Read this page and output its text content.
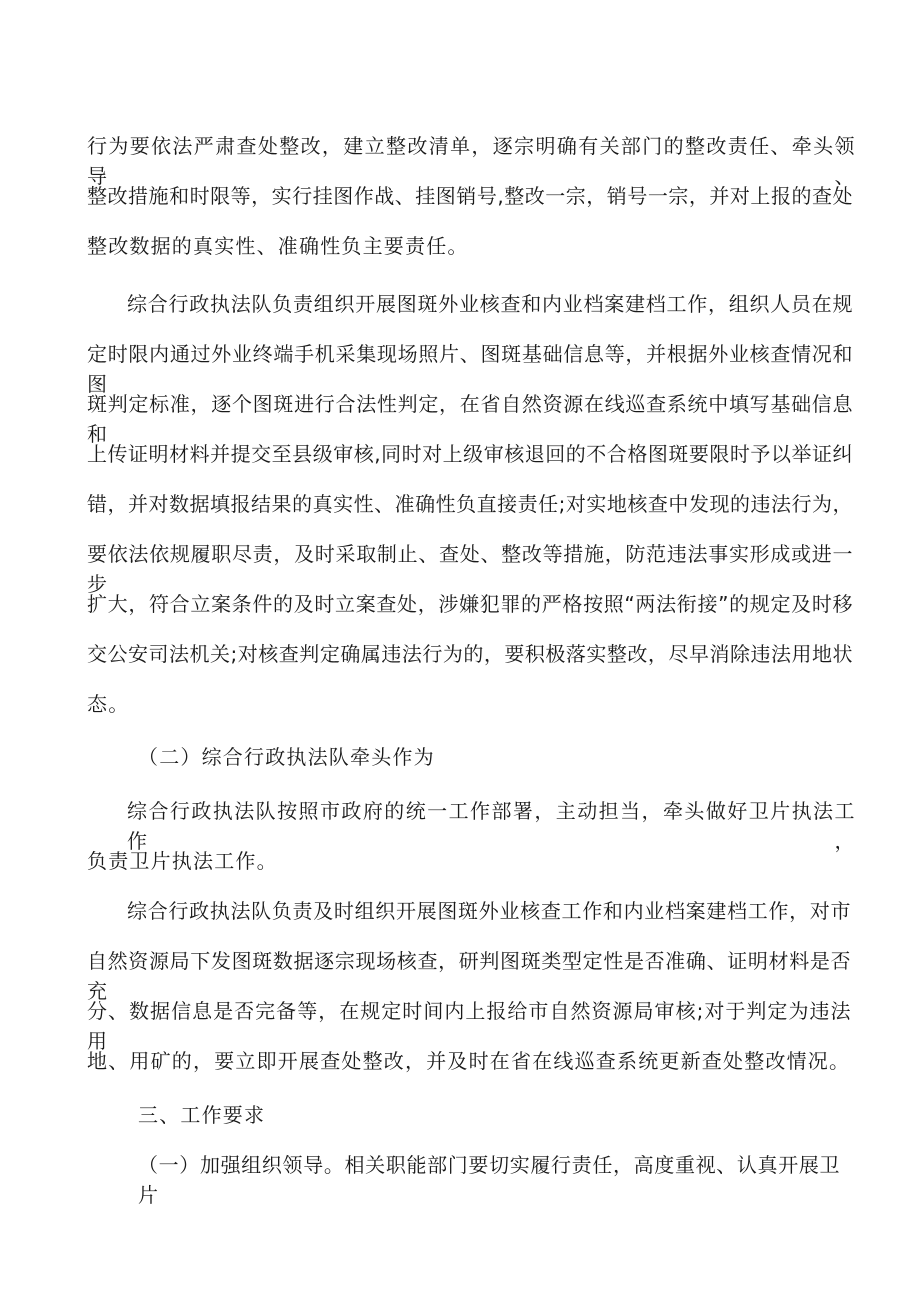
行为要依法严肃查处整改，建立整改清单，逐宗明确有关部门的整改责任、牵头领导、
整改措施和时限等，实行挂图作战、挂图销号,整改一宗，销号一宗，并对上报的查处
整改数据的真实性、准确性负主要责任。
综合行政执法队负责组织开展图斑外业核查和内业档案建档工作，组织人员在规
定时限内通过外业终端手机采集现场照片、图斑基础信息等，并根据外业核查情况和图
斑判定标准，逐个图斑进行合法性判定，在省自然资源在线巡查系统中填写基础信息和
上传证明材料并提交至县级审核,同时对上级审核退回的不合格图斑要限时予以举证纠
错，并对数据填报结果的真实性、准确性负直接责任;对实地核查中发现的违法行为，
要依法依规履职尽责，及时采取制止、查处、整改等措施，防范违法事实形成或进一步
扩大，符合立案条件的及时立案查处，涉嫌犯罪的严格按照“两法衔接”的规定及时移
交公安司法机关;对核查判定确属违法行为的，要积极落实整改，尽早消除违法用地状
态。
（二）综合行政执法队牵头作为
综合行政执法队按照市政府的统一工作部署，主动担当，牵头做好卫片执法工作，
负责卫片执法工作。
综合行政执法队负责及时组织开展图斑外业核查工作和内业档案建档工作，对市
自然资源局下发图斑数据逐宗现场核查，研判图斑类型定性是否准确、证明材料是否充
分、数据信息是否完备等，在规定时间内上报给市自然资源局审核;对于判定为违法用
地、用矿的，要立即开展查处整改，并及时在省在线巡查系统更新查处整改情况。
三、工作要求
（一）加强组织领导。相关职能部门要切实履行责任，高度重视、认真开展卫片
